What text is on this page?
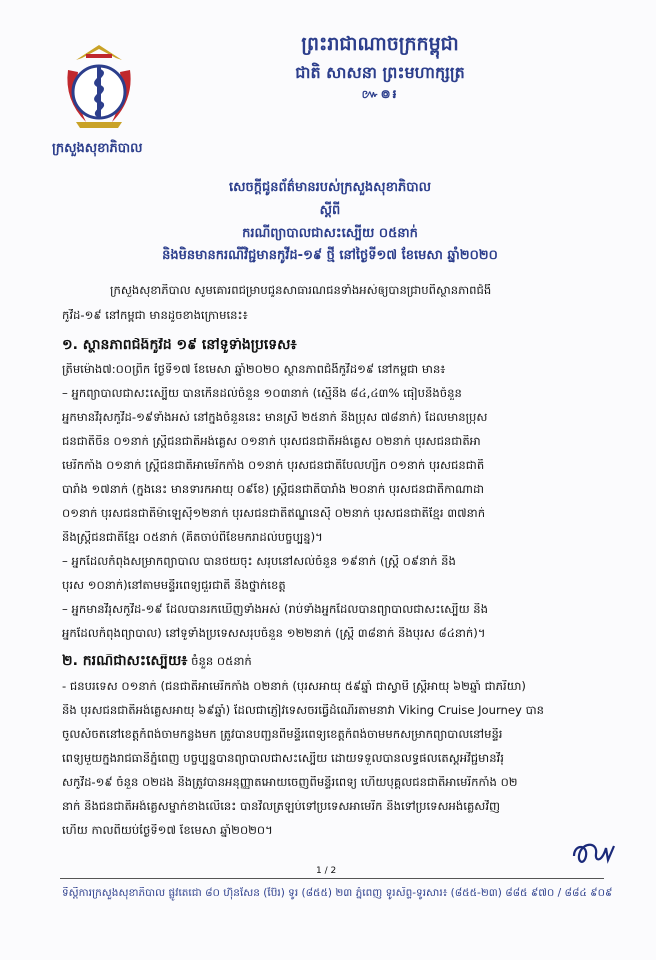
ព្រះរាជាណាចក្រកម្ពុជា
ជាតិ សាសនា ព្រះមហាក្សត្រ
៚៙៛
ក្រសួងសុខាភិបាល
សេចក្តីជូនព័ត៌មានរបស់ក្រសួងសុខាភិបាល
ស្តីពី
ករណីព្យាបាលជាសះស្បើយ ០៥នាក់
និងមិនមានករណីវិជ្ជមានកូវីដ-១៩ ថ្មី នៅថ្ងៃទី១៧ ខែមេសា ឆ្នាំ២០២០
ក្រសួងសុខាភិបាល សូមគោរពជម្រាបជូនសាធារណជនទាំងអស់ឲ្យបានជ្រាបពីស្ថានភាពជំងឺ
កូវីដ-១៩ នៅកម្ពុជា មានដូចខាងក្រោមនេះ៖
១. ស្ថានភាពជំងឺកូវីដ ១៩ នៅទូទាំងប្រទេស៖
ត្រឹមម៉ោង៧:០០ព្រឹក ថ្ងៃទី១៧ ខែមេសា ឆ្នាំ២០២០ ស្ថានភាពជំងឺកូវីដ១៩ នៅកម្ពុជា មាន៖
– អ្នកព្យាបាលជាសះស្បើយ បានកើនដល់ចំនួន ១០៣នាក់ (ស្មើនឹង ៨៤,៤៣% ធៀបនឹងចំនួន
អ្នកមានវីរុសកូវីដ-១៩ទាំងអស់ នៅក្នុងចំនួននេះ មានស្រី ២៥នាក់ និងប្រុស ៧៨នាក់) ដែលមានប្រុស
ជនជាតិចិន ០១នាក់ ស្ត្រីជនជាតិអង់គ្លេស ០១នាក់ បុរសជនជាតិអង់គ្លេស ០២នាក់ បុរសជនជាតិអា
មេរិកកាំង ០១នាក់ ស្ត្រីជនជាតិអាមេរិកកាំង ០១នាក់ បុរសជនជាតិបែលហ្ស៊ិក ០១នាក់ បុរសជនជាតិ
បារាំង ១៧នាក់ (ក្នុងនេះ មានទារកអាយុ ០៩ខែ) ស្ត្រីជនជាតិបារាំង ២០នាក់ បុរសជនជាតិកាណាដា
០១នាក់ បុរសជនជាតិម៉ាឡេស៊ី១២នាក់ បុរសជនជាតិឥណ្ឌូនេស៊ី ០២នាក់ បុរសជនជាតិខ្មែរ ៣៧នាក់
និងស្ត្រីជនជាតិខ្មែរ ០៥នាក់ (គិតចាប់ពីខែមករាដល់បច្ចុប្បន្ន)។
– អ្នកដែលកំពុងសម្រាកព្យាបាល បានថយចុះ សរុបនៅសល់ចំនួន ១៩នាក់ (ស្ត្រី ០៩នាក់ និង
បុរស ១០នាក់)នៅតាមមន្ទីរពេទ្យជួរជាតិ និងថ្នាក់ខេត្ត
– អ្នកមានវីរុសកូវីដ-១៩ ដែលបានរកឃើញទាំងអស់ (រាប់ទាំងអ្នកដែលបានព្យាបាលជាសះស្បើយ និង
អ្នកដែលកំពុងព្យាបាល) នៅទូទាំងប្រទេសសរុបចំនួន ១២២នាក់ (ស្ត្រី ៣៨នាក់ និងបុរស ៨៤នាក់)។
២. ករណីជាសះស្បើយ៖ ចំនួន ០៥នាក់
- ជនបរទេស ០១នាក់ (ជនជាតិអាមេរិកកាំង ០២នាក់ (បុរសអាយុ ៥៩ឆ្នាំ ជាស្វាមី ស្ត្រីអាយុ ៦២ឆ្នាំ ជាភរិយា)
និង បុរសជនជាតិអង់គ្លេសអាយុ ៦៩ឆ្នាំ) ដែលជាភ្ញៀវទេសចរធ្វើដំណើរតាមនាវា Viking Cruise Journey បាន
ចូលសំចតនៅខេត្តកំពង់ចាមកន្លងមក ត្រូវបានបញ្ជូនពីមន្ទីរពេទ្យខេត្តកំពង់ចាមមកសម្រាកព្យាបាលនៅមន្ទីរ
ពេទ្យមួយក្នុងរាជធានីភ្នំពេញ បច្ចុប្បន្នបានព្យាបាលជាសះស្បើយ ដោយទទួលបានលទ្ធផលតេស្តអវិជ្ជមានវីរុ
សកូវីដ-១៩ ចំនួន ០២ដង និងត្រូវបានអនុញ្ញាតអោយចេញពីមន្ទីរពេទ្យ ហើយបុគ្គលជនជាតិអាមេរិកកាំង ០២
នាក់ និងជនជាតិអង់គ្លេសម្នាក់ខាងលើនេះ បានវិលត្រឡប់ទៅប្រទេសអាមេរិក និងទៅប្រទេសអង់គ្លេសវិញ
ហើយ កាលពីយប់ថ្ងៃទី១៧ ខែមេសា ឆ្នាំ២០២០។
1 / 2
ទីស្តីការក្រសួងសុខាភិបាល ផ្លូវតេជោ ៨០ ហ៊ុនសែន (ប៊ែរ) ទូរ (៨៥៥) ២៣ ភ្នំពេញ ទូរស័ព្ទ-ទូរសារ៖ (៨៥៥-២៣) ៨៨៥ ៩៧០ / ៨៨៤ ៩០៩
